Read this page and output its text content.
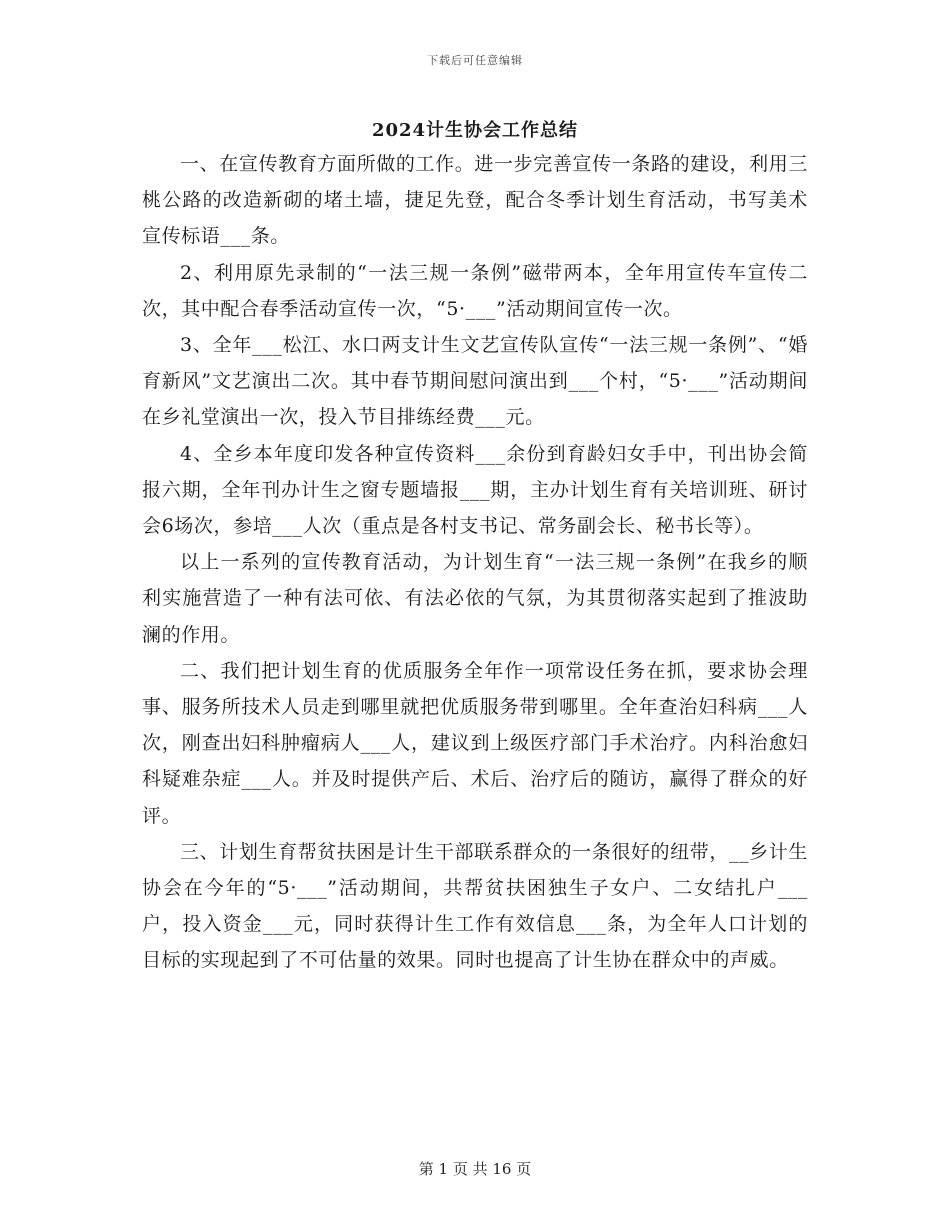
下载后可任意编辑
2024计生协会工作总结

一、在宣传教育方面所做的工作。进一步完善宣传一条路的建设，利用三桃公路的改造新砌的堵土墙，捷足先登，配合冬季计划生育活动，书写美术宣传标语___条。

2、利用原先录制的“一法三规一条例”磁带两本，全年用宣传车宣传二次，其中配合春季活动宣传一次，“5·___”活动期间宣传一次。

3、全年___松江、水口两支计生文艺宣传队宣传“一法三规一条例”、“婚育新风”文艺演出二次。其中春节期间慰问演出到___个村，“5·___”活动期间在乡礼堂演出一次，投入节目排练经费___元。

4、全乡本年度印发各种宣传资料___余份到育龄妇女手中，刊出协会简报六期，全年刊办计生之窗专题墙报___期，主办计划生育有关培训班、研讨会6场次，参培___人次（重点是各村支书记、常务副会长、秘书长等）。

以上一系列的宣传教育活动，为计划生育“一法三规一条例”在我乡的顺利实施营造了一种有法可依、有法必依的气氛，为其贯彻落实起到了推波助澜的作用。

二、我们把计划生育的优质服务全年作一项常设任务在抓，要求协会理事、服务所技术人员走到哪里就把优质服务带到哪里。全年查治妇科病___人次，刚查出妇科肿瘤病人___人，建议到上级医疗部门手术治疗。内科治愈妇科疑难杂症___人。并及时提供产后、术后、治疗后的随访，赢得了群众的好评。

三、计划生育帮贫扶困是计生干部联系群众的一条很好的纽带，__乡计生协会在今年的“5·___”活动期间，共帮贫扶困独生子女户、二女结扎户___户，投入资金___元，同时获得计生工作有效信息___条，为全年人口计划的目标的实现起到了不可估量的效果。同时也提高了计生协在群众中的声威。

第 1 页 共 16 页
